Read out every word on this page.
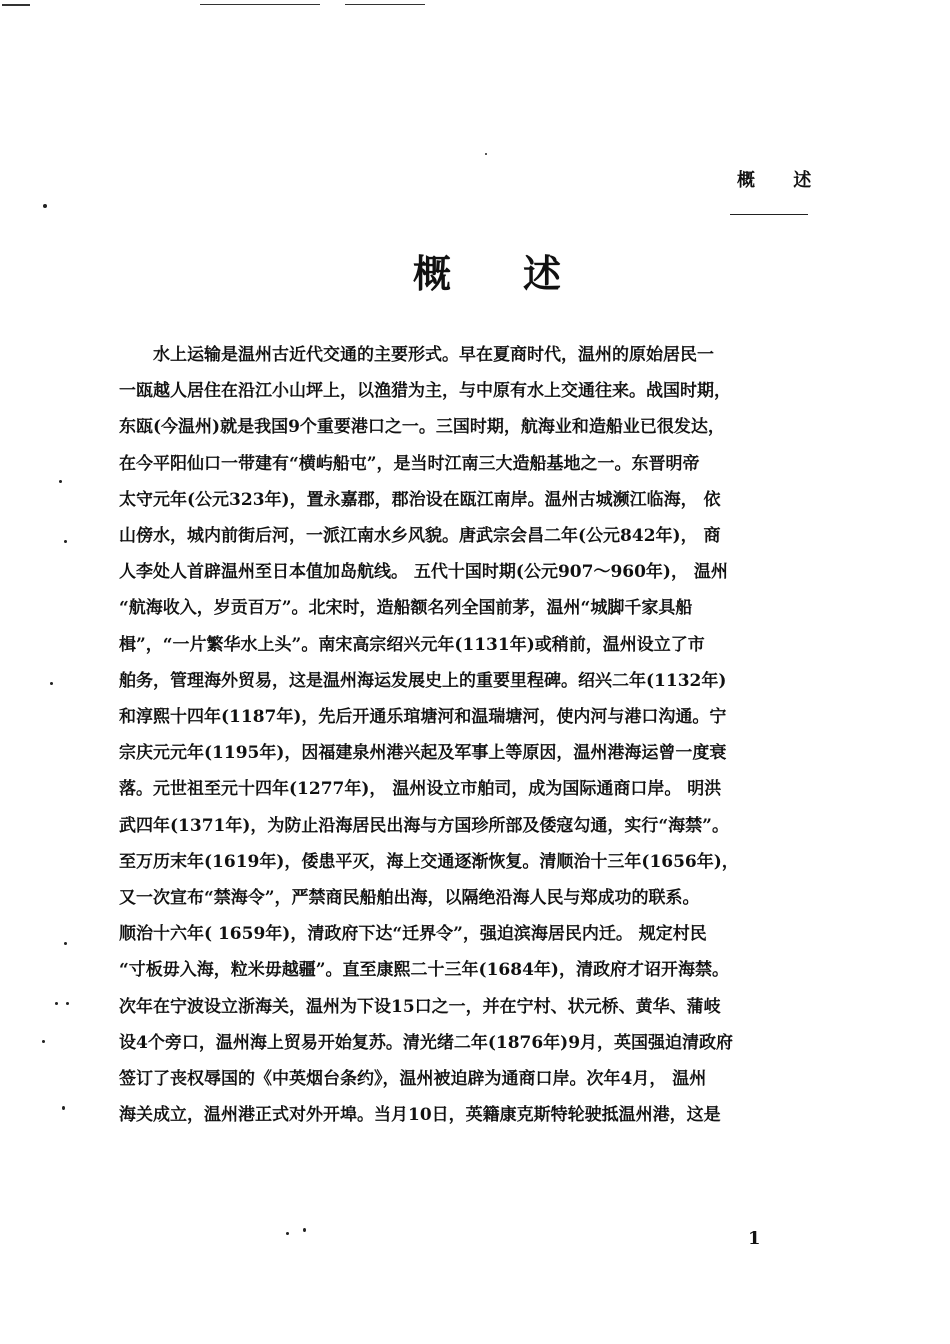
概 述
概述
水上运输是温州古近代交通的主要形式。早在夏商时代，温州的原始居民一
一瓯越人居住在沿江小山坪上，以渔猎为主，与中原有水上交通往来。战国时期，
东瓯(今温州)就是我国9个重要港口之一。三国时期，航海业和造船业已很发达，
在今平阳仙口一带建有“横屿船屯”，是当时江南三大造船基地之一。东晋明帝
太守元年(公元323年)，置永嘉郡，郡治设在瓯江南岸。温州古城濒江临海， 依
山傍水，城内前街后河，一派江南水乡风貌。唐武宗会昌二年(公元842年)， 商
人李处人首辟温州至日本值加岛航线。 五代十国时期(公元907～960年)， 温州
“航海收入，岁贡百万”。北宋时，造船额名列全国前茅，温州“城脚千家具船
楫”，“一片繁华水上头”。南宋高宗绍兴元年(1131年)或稍前，温州设立了市
舶务，管理海外贸易，这是温州海运发展史上的重要里程碑。绍兴二年(1132年)
和淳熙十四年(1187年)，先后开通乐琯塘河和温瑞塘河，使内河与港口沟通。宁
宗庆元元年(1195年)，因福建泉州港兴起及军事上等原因，温州港海运曾一度衰
落。元世祖至元十四年(1277年)， 温州设立市舶司，成为国际通商口岸。 明洪
武四年(1371年)，为防止沿海居民出海与方国珍所部及倭寇勾通，实行“海禁”。
至万历末年(1619年)，倭患平灭，海上交通逐渐恢复。清顺治十三年(1656年)，
又一次宣布“禁海令”，严禁商民船舶出海，以隔绝沿海人民与郑成功的联系。
顺治十六年( 1659年)，清政府下达“迁界令”，强迫滨海居民内迁。 规定村民
“寸板毋入海，粒米毋越疆”。直至康熙二十三年(1684年)，清政府才诏开海禁。
次年在宁波设立浙海关，温州为下设15口之一，并在宁村、状元桥、黄华、蒲岐
设4个旁口，温州海上贸易开始复苏。清光绪二年(1876年)9月，英国强迫清政府
签订了丧权辱国的《中英烟台条约》，温州被迫辟为通商口岸。次年4月， 温州
海关成立，温州港正式对外开埠。当月10日，英籍康克斯特轮驶抵温州港，这是
1
